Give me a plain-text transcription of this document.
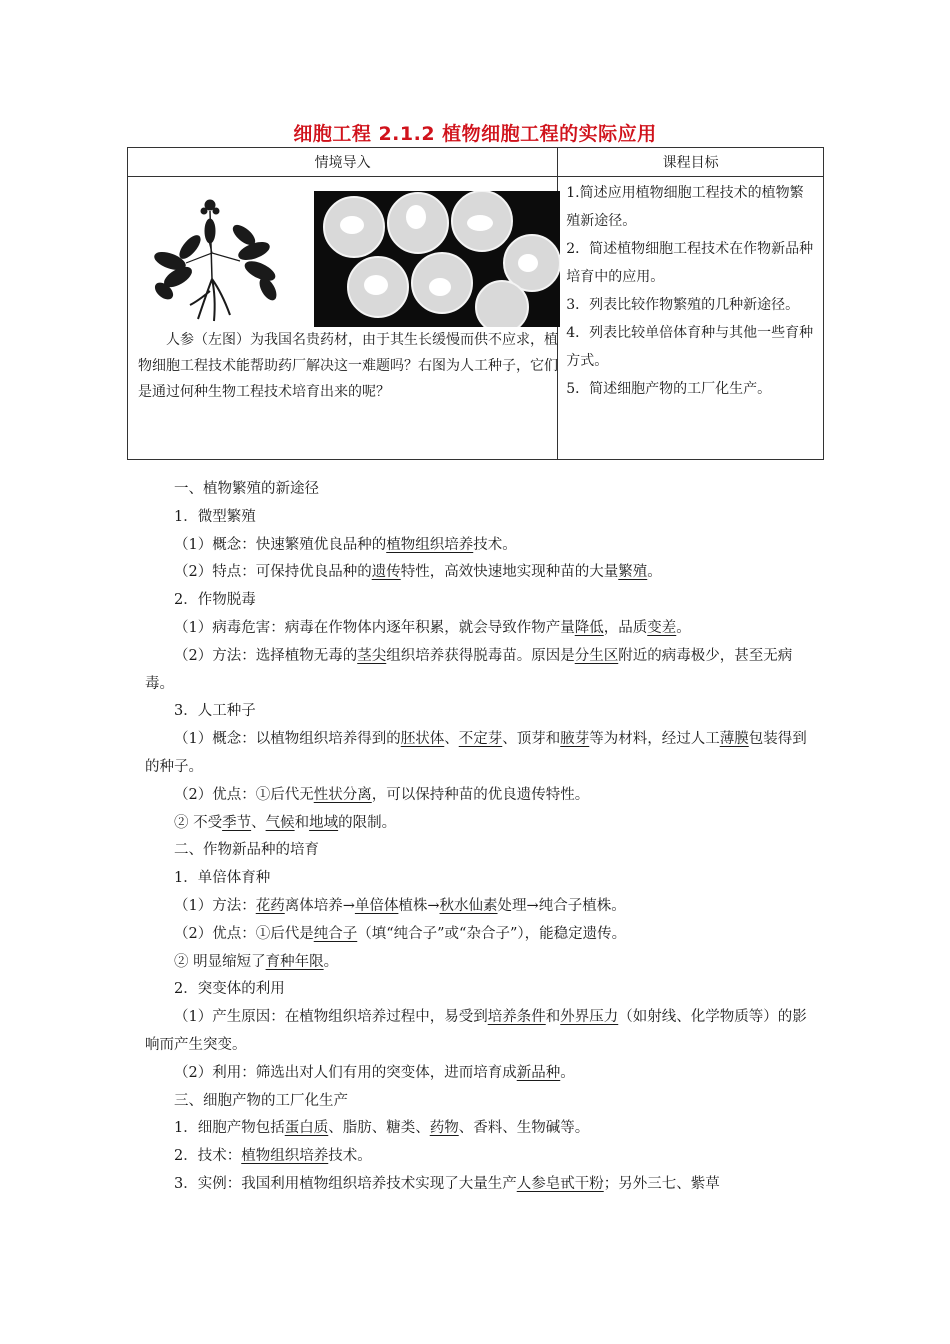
细胞工程 2.1.2 植物细胞工程的实际应用
情境导入	课程目标

人参（左图）为我国名贵药材，由于其生长缓慢而供不应求，植物细胞工程技术能帮助药厂解决这一难题吗？右图为人工种子，它们是通过何种生物工程技术培育出来的呢？	1.简述应用植物细胞工程技术的植物繁殖新途径。

2．简述植物细胞工程技术在作物新品种培育中的应用。

3．列表比较作物繁殖的几种新途径。

4．列表比较单倍体育种与其他一些育种方式。

5．简述细胞产物的工厂化生产。

一、植物繁殖的新途径

1．微型繁殖

（1）概念：快速繁殖优良品种的植物组织培养技术。

（2）特点：可保持优良品种的遗传特性，高效快速地实现种苗的大量繁殖。

2．作物脱毒

（1）病毒危害：病毒在作物体内逐年积累，就会导致作物产量降低，品质变差。

（2）方法：选择植物无毒的茎尖组织培养获得脱毒苗。原因是分生区附近的病毒极少，甚至无病毒。

3．人工种子

（1）概念：以植物组织培养得到的胚状体、不定芽、顶芽和腋芽等为材料，经过人工薄膜包装得到的种子。

（2）优点：①后代无性状分离，可以保持种苗的优良遗传特性。

② 不受季节、气候和地域的限制。

二、作物新品种的培育

1．单倍体育种

（1）方法：花药离体培养→单倍体植株→秋水仙素处理→纯合子植株。

（2）优点：①后代是纯合子（填“纯合子”或“杂合子”），能稳定遗传。

② 明显缩短了育种年限。

2．突变体的利用

（1）产生原因：在植物组织培养过程中，易受到培养条件和外界压力（如射线、化学物质等）的影响而产生突变。

（2）利用：筛选出对人们有用的突变体，进而培育成新品种。

三、细胞产物的工厂化生产

1．细胞产物包括蛋白质、脂肪、糖类、药物、香料、生物碱等。

2．技术：植物组织培养技术。

3．实例：我国利用植物组织培养技术实现了大量生产人参皂甙干粉；另外三七、紫草
